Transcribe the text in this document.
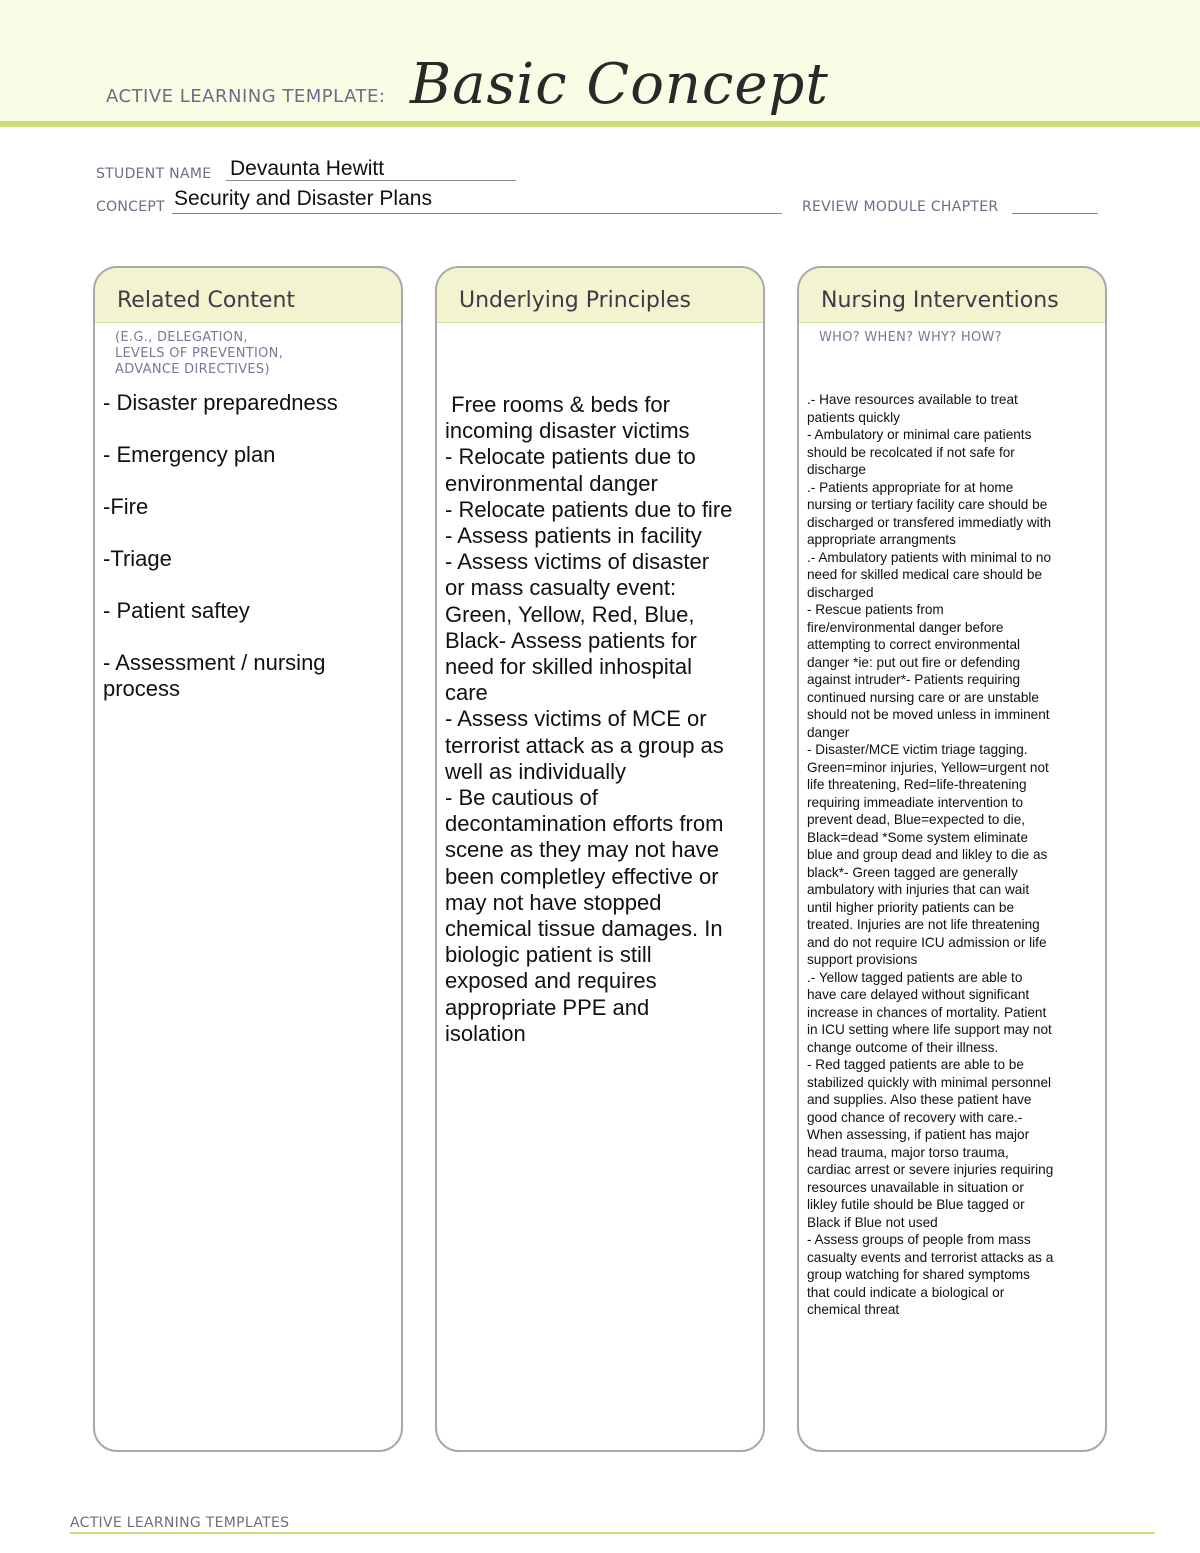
ACTIVE LEARNING TEMPLATE: Basic Concept
STUDENT NAME Devaunta Hewitt
CONCEPT Security and Disaster Plans	REVIEW MODULE CHAPTER
Related Content
(E.G., DELEGATION,
LEVELS OF PREVENTION,
ADVANCE DIRECTIVES)
- Disaster preparedness
- Emergency plan
-Fire
-Triage
- Patient saftey
- Assessment / nursing
process
Underlying Principles
Free rooms & beds for
incoming disaster victims
- Relocate patients due to
environmental danger
- Relocate patients due to fire
- Assess patients in facility
- Assess victims of disaster
or mass casualty event:
Green, Yellow, Red, Blue,
Black- Assess patients for
need for skilled inhospital
care
- Assess victims of MCE or
terrorist attack as a group as
well as individually
- Be cautious of
decontamination efforts from
scene as they may not have
been completley effective or
may not have stopped
chemical tissue damages. In
biologic patient is still
exposed and requires
appropriate PPE and
isolation
Nursing Interventions
WHO? WHEN? WHY? HOW?
.- Have resources available to treat
patients quickly
- Ambulatory or minimal care patients
should be recolcated if not safe for
discharge
.- Patients appropriate for at home
nursing or tertiary facility care should be
discharged or transfered immediatly with
appropriate arrangments
.- Ambulatory patients with minimal to no
need for skilled medical care should be
discharged
- Rescue patients from
fire/environmental danger before
attempting to correct environmental
danger *ie: put out fire or defending
against intruder*- Patients requiring
continued nursing care or are unstable
should not be moved unless in imminent
danger
- Disaster/MCE victim triage tagging.
Green=minor injuries, Yellow=urgent not
life threatening, Red=life-threatening
requiring immeadiate intervention to
prevent dead, Blue=expected to die,
Black=dead *Some system eliminate
blue and group dead and likley to die as
black*- Green tagged are generally
ambulatory with injuries that can wait
until higher priority patients can be
treated. Injuries are not life threatening
and do not require ICU admission or life
support provisions
.- Yellow tagged patients are able to
have care delayed without significant
increase in chances of mortality. Patient
in ICU setting where life support may not
change outcome of their illness.
- Red tagged patients are able to be
stabilized quickly with minimal personnel
and supplies. Also these patient have
good chance of recovery with care.-
When assessing, if patient has major
head trauma, major torso trauma,
cardiac arrest or severe injuries requiring
resources unavailable in situation or
likley futile should be Blue tagged or
Black if Blue not used
- Assess groups of people from mass
casualty events and terrorist attacks as a
group watching for shared symptoms
that could indicate a biological or
chemical threat
ACTIVE LEARNING TEMPLATES
